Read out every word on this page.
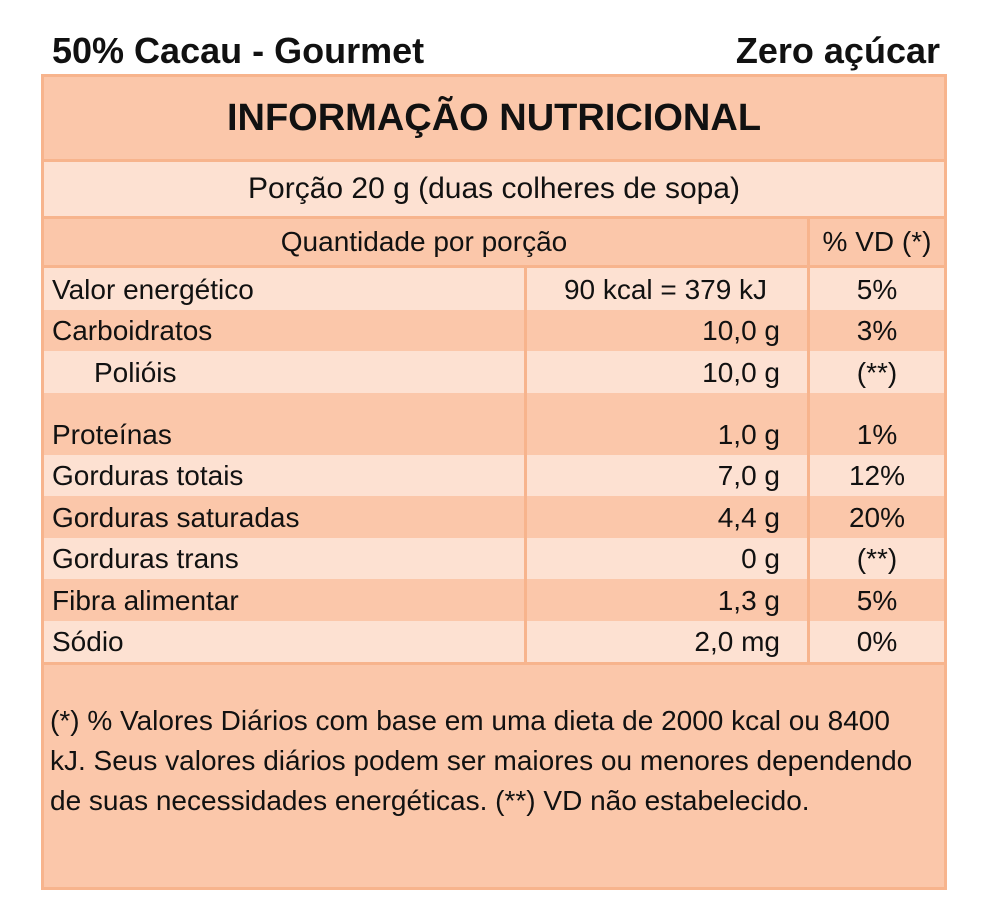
50% Cacau - Gourmet	Zero açúcar
INFORMAÇÃO NUTRICIONAL
Porção 20 g (duas colheres de sopa)
Quantidade por porção	% VD (*)
Valor energético	90 kcal = 379 kJ	5%
Carboidratos	10,0 g	3%
Polióis	10,0 g	(**)
Proteínas	1,0 g	1%
Gorduras totais	7,0 g	12%
Gorduras saturadas	4,4 g	20%
Gorduras trans	0 g	(**)
Fibra alimentar	1,3 g	5%
Sódio	2,0 mg	0%
(*) % Valores Diários com base em uma dieta de 2000 kcal ou 8400 kJ. Seus valores diários podem ser maiores ou menores dependendo de suas necessidades energéticas. (**) VD não estabelecido.
